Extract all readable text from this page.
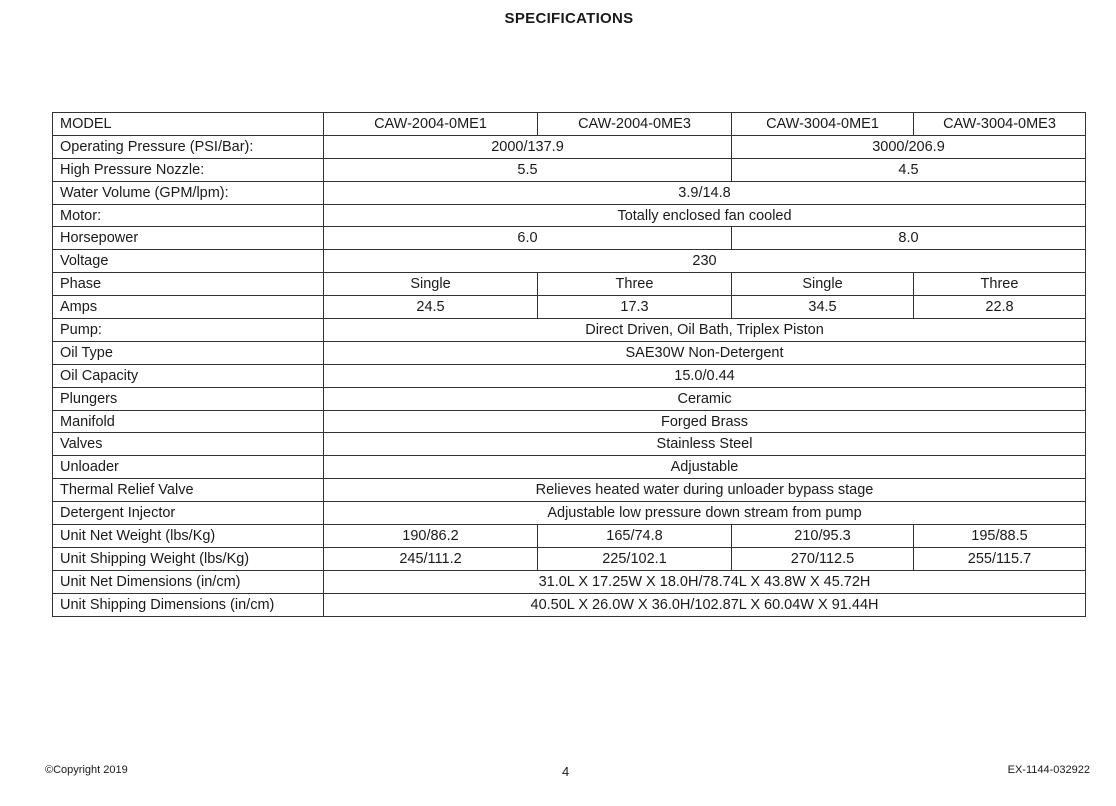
SPECIFICATIONS
MODEL	CAW-2004-0ME1	CAW-2004-0ME3	CAW-3004-0ME1	CAW-3004-0ME3
Operating Pressure (PSI/Bar):	2000/137.9		3000/206.9	
High Pressure Nozzle:	5.5		4.5	
Water Volume (GPM/lpm):	3.9/14.8			
Motor:	Totally enclosed fan cooled			
Horsepower	6.0		8.0	
Voltage	230			
Phase	Single	Three	Single	Three
Amps	24.5	17.3	34.5	22.8
Pump:	Direct Driven, Oil Bath, Triplex Piston			
Oil Type	SAE30W Non-Detergent			
Oil Capacity	15.0/0.44			
Plungers	Ceramic			
Manifold	Forged Brass			
Valves	Stainless Steel			
Unloader	Adjustable			
Thermal Relief Valve	Relieves heated water during unloader bypass stage			
Detergent Injector	Adjustable low pressure down stream from pump			
Unit Net Weight (lbs/Kg)	190/86.2	165/74.8	210/95.3	195/88.5
Unit Shipping Weight (lbs/Kg)	245/111.2	225/102.1	270/112.5	255/115.7
Unit Net Dimensions (in/cm)	31.0L X 17.25W X 18.0H/78.74L X 43.8W X 45.72H			
Unit Shipping Dimensions (in/cm)	40.50L X 26.0W X 36.0H/102.87L X 60.04W X 91.44H			
©Copyright 2019	4	EX-1144-032922
